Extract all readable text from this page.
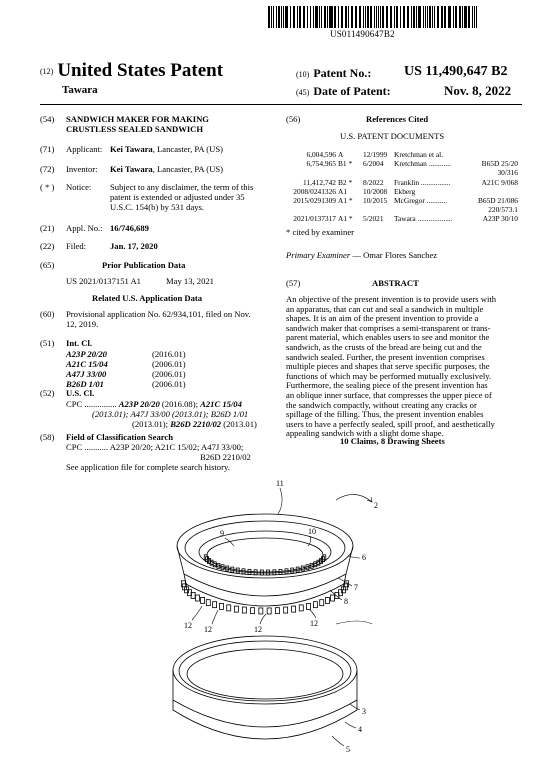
US011490647B2
(12) United States Patent
Tawara
(10) Patent No.: US 11,490,647 B2
(45) Date of Patent:	Nov. 8, 2022
(54) SANDWICH MAKER FOR MAKING
CRUSTLESS SEALED SANDWICH
(71) Applicant: Kei Tawara, Lancaster, PA (US)
(72) Inventor: Kei Tawara, Lancaster, PA (US)
( * ) Notice: Subject to any disclaimer, the term of this
patent is extended or adjusted under 35
U.S.C. 154(b) by 531 days.
(21) Appl. No.: 16/746,689
(22) Filed:	Jan. 17, 2020
(65)	Prior Publication Data
US 2021/0137151 A1	May 13, 2021
Related U.S. Application Data
(60) Provisional application No. 62/934,101, filed on Nov.
12, 2019.
(51) Int. Cl.
A23P 20/20	(2016.01)
A21C 15/04	(2006.01)
A47J 33/00	(2006.01)
B26D 1/01	(2006.01)
(52) U.S. Cl.
CPC ............... A23P 20/20 (2016.08); A21C 15/04
(2013.01); A47J 33/00 (2013.01); B26D 1/01
(2013.01); B26D 2210/02 (2013.01)
(58) Field of Classification Search
CPC ........... A23P 20/20; A21C 15/02; A47J 33/00;
B26D 2210/02
See application file for complete search history.
(56)	References Cited
U.S. PATENT DOCUMENTS
6,004,596 A	12/1999 Kretchman et al.
6,754,965 B1 * 6/2004 Kretchman ............	B65D 25/20
30/316
11,412,742 B2 * 8/2022 Franklin ................	A21C 9/068
2008/0241326 A1 10/2008 Ekberg
2015/0291309 A1 * 10/2015 McGregor ...........	B65D 21/086
220/573.1
2021/0137317 A1 * 5/2021 Tawara ...................	A23P 30/10
* cited by examiner
Primary Examiner — Omar Flores Sanchez
(57)	ABSTRACT
An objective of the present invention is to provide users with
an apparatus, that can cut and seal a sandwich in multiple
shapes. It is an aim of the present invention to provide a
sandwich maker that comprises a semi-transparent or trans-
parent material, which enables users to see and monitor the
sandwich, as the crusts of the bread are being cut and the
sandwich sealed. Further, the present invention comprises
multiple pieces and shapes that serve specific purposes, the
functions of which may be performed mutually exclusively.
Furthermore, the sealing piece of the present invention has
an oblique inner surface, that compresses the upper piece of
the sandwich compactly, without creating any cracks or
spillage of the filling. Thus, the present invention enables
users to have a perfectly sealed, spill proof, and aesthetically
appealing sandwich with a slight dome shape.
10 Claims, 8 Drawing Sheets
11
2
9	10
6
7
8
12 12	12
12
3
4
5
